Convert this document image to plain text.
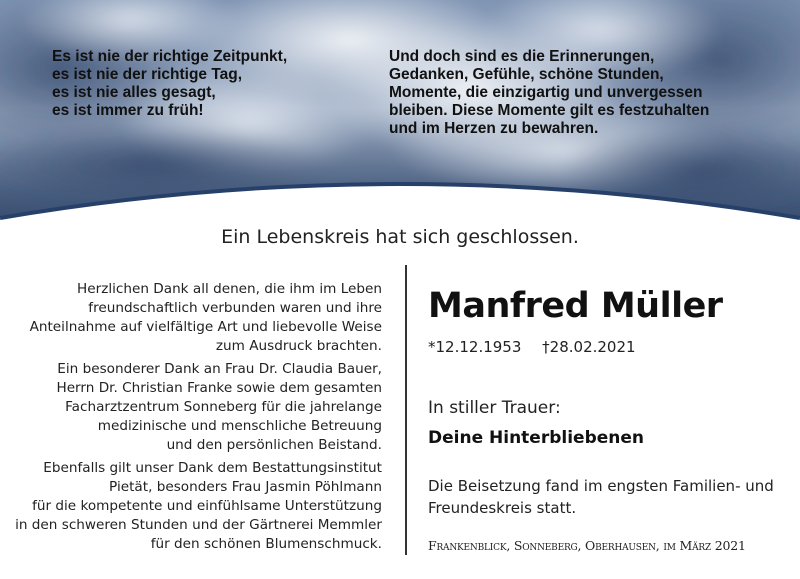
Es ist nie der richtige Zeitpunkt,
es ist nie der richtige Tag,
es ist nie alles gesagt,
es ist immer zu früh!
Und doch sind es die Erinnerungen,
Gedanken, Gefühle, schöne Stunden,
Momente, die einzigartig und unvergessen
bleiben. Diese Momente gilt es festzuhalten
und im Herzen zu bewahren.
Ein Lebenskreis hat sich geschlossen.

Herzlichen Dank all denen, die ihm im Leben
freundschaftlich verbunden waren und ihre
Anteilnahme auf vielfältige Art und liebevolle Weise
zum Ausdruck brachten.

Ein besonderer Dank an Frau Dr. Claudia Bauer,
Herrn Dr. Christian Franke sowie dem gesamten
Facharztzentrum Sonneberg für die jahrelange
medizinische und menschliche Betreuung
und den persönlichen Beistand.

Ebenfalls gilt unser Dank dem Bestattungsinstitut
Pietät, besonders Frau Jasmin Pöhlmann
für die kompetente und einfühlsame Unterstützung
in den schweren Stunden und der Gärtnerei Memmler
für den schönen Blumenschmuck.

Manfred Müller
*12.12.1953 †28.02.2021
In stiller Trauer:
Deine Hinterbliebenen
Die Beisetzung fand im engsten Familien- und
Freundeskreis statt.
Frankenblick, Sonneberg, Oberhausen, im März 2021
